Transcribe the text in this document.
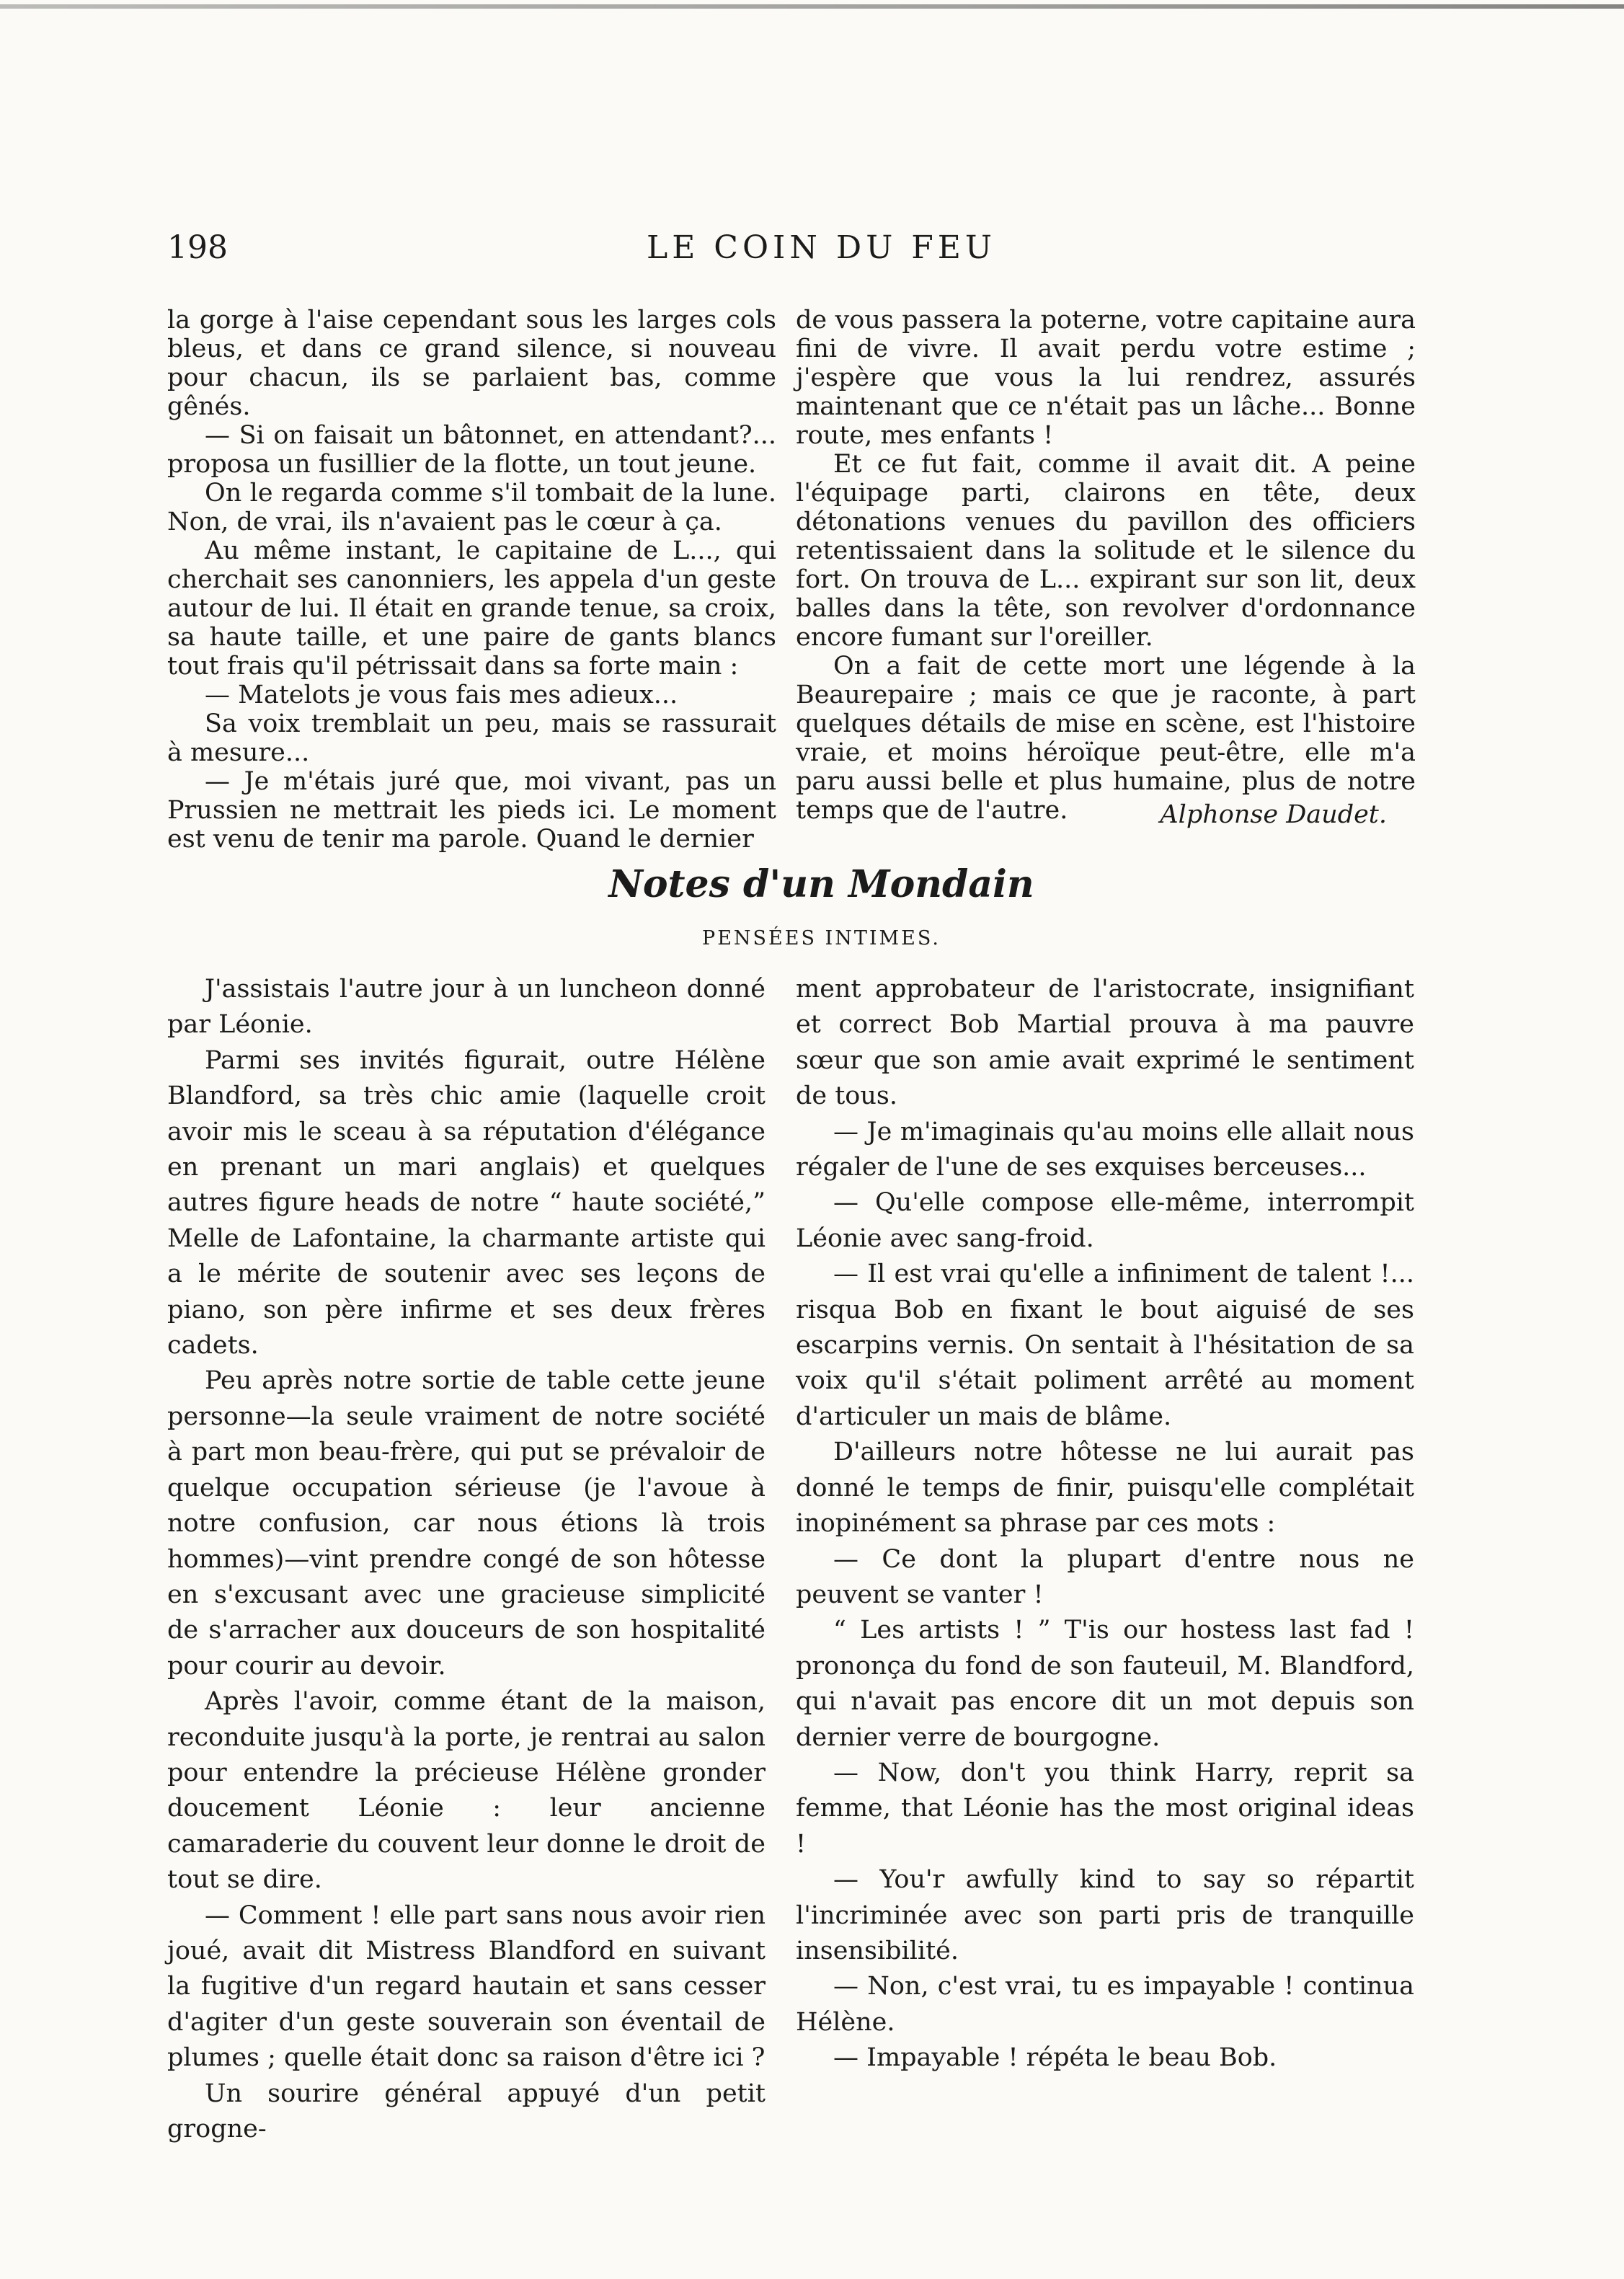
198	LE COIN DU FEU

la gorge à l'aise cependant sous les larges cols bleus, et dans ce grand silence, si nouveau pour chacun, ils se parlaient bas, comme gênés.

— Si on faisait un bâtonnet, en attendant?... proposa un fusillier de la flotte, un tout jeune.

On le regarda comme s'il tombait de la lune. Non, de vrai, ils n'avaient pas le cœur à ça.

Au même instant, le capitaine de L..., qui cherchait ses canonniers, les appela d'un geste autour de lui. Il était en grande tenue, sa croix, sa haute taille, et une paire de gants blancs tout frais qu'il pétrissait dans sa forte main :

— Matelots je vous fais mes adieux...

Sa voix tremblait un peu, mais se rassurait à mesure...

— Je m'étais juré que, moi vivant, pas un Prussien ne mettrait les pieds ici. Le moment est venu de tenir ma parole. Quand le dernier

de vous passera la poterne, votre capitaine aura fini de vivre. Il avait perdu votre estime ; j'espère que vous la lui rendrez, assurés maintenant que ce n'était pas un lâche... Bonne route, mes enfants !

Et ce fut fait, comme il avait dit. A peine l'équipage parti, clairons en tête, deux détonations venues du pavillon des officiers retentissaient dans la solitude et le silence du fort. On trouva de L... expirant sur son lit, deux balles dans la tête, son revolver d'ordonnance encore fumant sur l'oreiller.

On a fait de cette mort une légende à la Beaurepaire ; mais ce que je raconte, à part quelques détails de mise en scène, est l'histoire vraie, et moins héroïque peut-être, elle m'a paru aussi belle et plus humaine, plus de notre temps que de l'autre.	Alphonse Daudet.
Notes d'un Mondain
PENSÉES INTIMES.

J'assistais l'autre jour à un luncheon donné par Léonie.

Parmi ses invités figurait, outre Hélène Blandford, sa très chic amie (laquelle croit avoir mis le sceau à sa réputation d'élégance en prenant un mari anglais) et quelques autres figure heads de notre “ haute société,” Melle de Lafontaine, la charmante artiste qui a le mérite de soutenir avec ses leçons de piano, son père infirme et ses deux frères cadets.

Peu après notre sortie de table cette jeune personne—la seule vraiment de notre société à part mon beau-frère, qui put se prévaloir de quelque occupation sérieuse (je l'avoue à notre confusion, car nous étions là trois hommes)—vint prendre congé de son hôtesse en s'excusant avec une gracieuse simplicité de s'arracher aux douceurs de son hospitalité pour courir au devoir.

Après l'avoir, comme étant de la maison, reconduite jusqu'à la porte, je rentrai au salon pour entendre la précieuse Hélène gronder doucement Léonie : leur ancienne camaraderie du couvent leur donne le droit de tout se dire.

— Comment ! elle part sans nous avoir rien joué, avait dit Mistress Blandford en suivant la fugitive d'un regard hautain et sans cesser d'agiter d'un geste souverain son éventail de plumes ; quelle était donc sa raison d'être ici ?

Un sourire général appuyé d'un petit grogne-

ment approbateur de l'aristocrate, insignifiant et correct Bob Martial prouva à ma pauvre sœur que son amie avait exprimé le sentiment de tous.

— Je m'imaginais qu'au moins elle allait nous régaler de l'une de ses exquises berceuses...

— Qu'elle compose elle-même, interrompit Léonie avec sang-froid.

— Il est vrai qu'elle a infiniment de talent !... risqua Bob en fixant le bout aiguisé de ses escarpins vernis. On sentait à l'hésitation de sa voix qu'il s'était poliment arrêté au moment d'articuler un mais de blâme.

D'ailleurs notre hôtesse ne lui aurait pas donné le temps de finir, puisqu'elle complétait inopinément sa phrase par ces mots :

— Ce dont la plupart d'entre nous ne peuvent se vanter !

“ Les artists ! ” T'is our hostess last fad ! prononça du fond de son fauteuil, M. Blandford, qui n'avait pas encore dit un mot depuis son dernier verre de bourgogne.

— Now, don't you think Harry, reprit sa femme, that Léonie has the most original ideas !

— You'r awfully kind to say so répartit l'incriminée avec son parti pris de tranquille insensibilité.

— Non, c'est vrai, tu es impayable ! continua Hélène.

— Impayable ! répéta le beau Bob.
